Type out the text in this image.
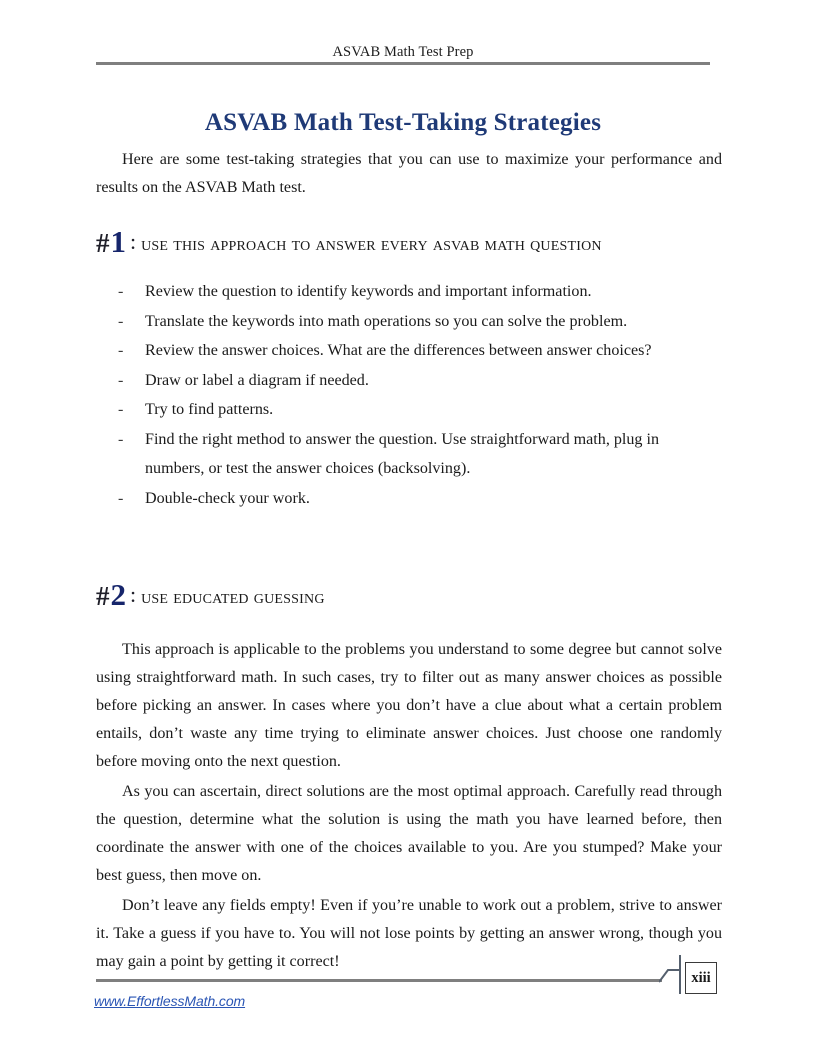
ASVAB Math Test Prep
ASVAB Math Test-Taking Strategies

Here are some test-taking strategies that you can use to maximize your performance and results on the ASVAB Math test.

#1 : use this approach to answer every asvab math question
- Review the question to identify keywords and important information.
- Translate the keywords into math operations so you can solve the problem.
- Review the answer choices. What are the differences between answer choices?
- Draw or label a diagram if needed.
- Try to find patterns.
- Find the right method to answer the question. Use straightforward math, plug in numbers, or test the answer choices (backsolving).
- Double-check your work.
#2 : use educated guessing

This approach is applicable to the problems you understand to some degree but cannot solve using straightforward math. In such cases, try to filter out as many answer choices as possible before picking an answer. In cases where you don’t have a clue about what a certain problem entails, don’t waste any time trying to eliminate answer choices. Just choose one randomly before moving onto the next question.

As you can ascertain, direct solutions are the most optimal approach. Carefully read through the question, determine what the solution is using the math you have learned before, then coordinate the answer with one of the choices available to you. Are you stumped? Make your best guess, then move on.

Don’t leave any fields empty! Even if you’re unable to work out a problem, strive to answer it. Take a guess if you have to. You will not lose points by getting an answer wrong, though you may gain a point by getting it correct!

xiii
www.EffortlessMath.com
